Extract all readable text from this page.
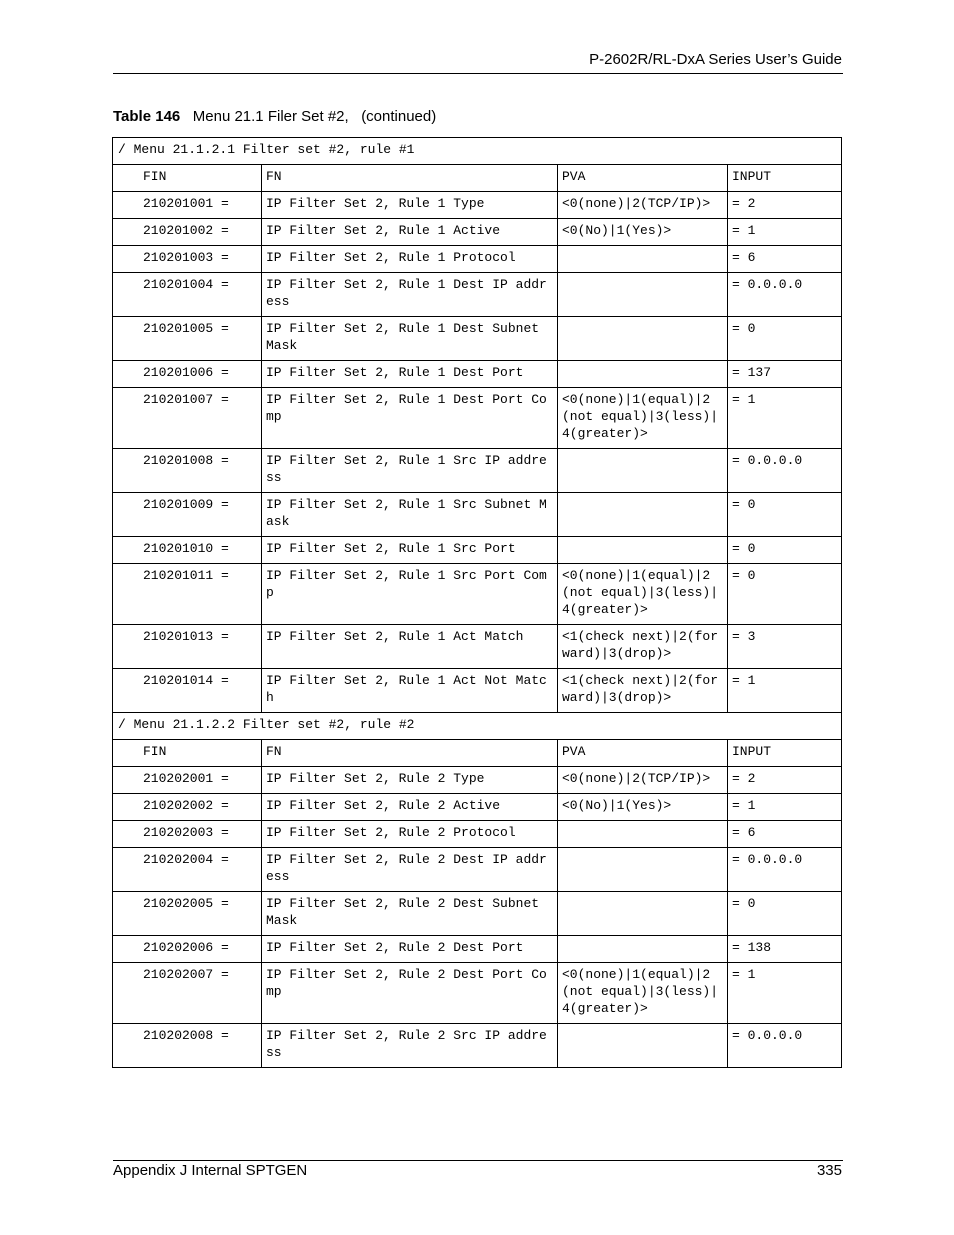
P-2602R/RL-DxA Series User’s Guide
Table 146   Menu 21.1 Filer Set #2,   (continued)
/ Menu 21.1.2.1 Filter set #2, rule #1			
FIN	FN	PVA	INPUT
210201001 =	IP Filter Set 2, Rule 1 Type	<0(none)|2(TCP/IP)>	= 2
210201002 =	IP Filter Set 2, Rule 1 Active	<0(No)|1(Yes)>	= 1
210201003 =	IP Filter Set 2, Rule 1 Protocol		= 6
210201004 =	IP Filter Set 2, Rule 1 Dest IP address		= 0.0.0.0
210201005 =	IP Filter Set 2, Rule 1 Dest Subnet Mask		= 0
210201006 =	IP Filter Set 2, Rule 1 Dest Port		= 137
210201007 =	IP Filter Set 2, Rule 1 Dest Port Comp	<0(none)|1(equal)|2(not equal)|3(less)|4(greater)>	= 1
210201008 =	IP Filter Set 2, Rule 1 Src IP address		= 0.0.0.0
210201009 =	IP Filter Set 2, Rule 1 Src Subnet Mask		= 0
210201010 =	IP Filter Set 2, Rule 1 Src Port		= 0
210201011 =	IP Filter Set 2, Rule 1 Src Port Comp	<0(none)|1(equal)|2(not equal)|3(less)|4(greater)>	= 0
210201013 =	IP Filter Set 2, Rule 1 Act Match	<1(check next)|2(forward)|3(drop)>	= 3
210201014 =	IP Filter Set 2, Rule 1 Act Not Match	<1(check next)|2(forward)|3(drop)>	= 1
/ Menu 21.1.2.2 Filter set #2, rule #2			
FIN	FN	PVA	INPUT
210202001 =	IP Filter Set 2, Rule 2 Type	<0(none)|2(TCP/IP)>	= 2
210202002 =	IP Filter Set 2, Rule 2 Active	<0(No)|1(Yes)>	= 1
210202003 =	IP Filter Set 2, Rule 2 Protocol		= 6
210202004 =	IP Filter Set 2, Rule 2 Dest IP address		= 0.0.0.0
210202005 =	IP Filter Set 2, Rule 2 Dest Subnet Mask		= 0
210202006 =	IP Filter Set 2, Rule 2 Dest Port		= 138
210202007 =	IP Filter Set 2, Rule 2 Dest Port Comp	<0(none)|1(equal)|2(not equal)|3(less)|4(greater)>	= 1
210202008 =	IP Filter Set 2, Rule 2 Src IP address		= 0.0.0.0
Appendix J Internal SPTGEN	335
